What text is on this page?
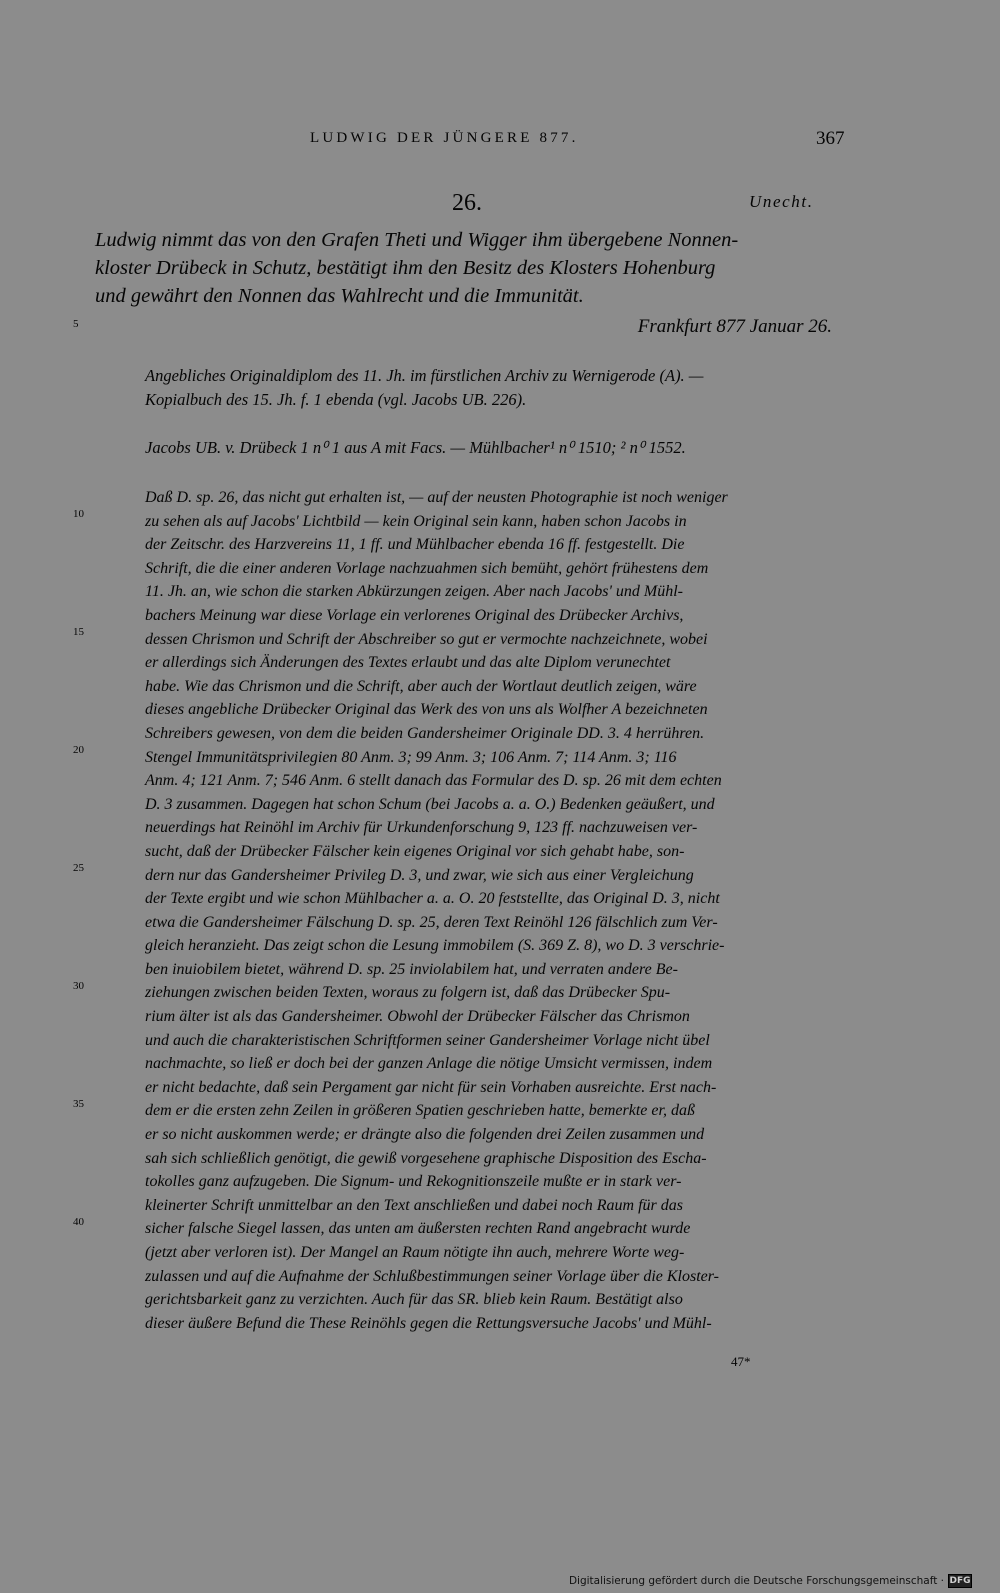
LUDWIG DER JÜNGERE 877.	367
26.	Unecht.
Ludwig nimmt das von den Grafen Theti und Wigger ihm übergebene Nonnen-
kloster Drübeck in Schutz, bestätigt ihm den Besitz des Klosters Hohenburg
und gewährt den Nonnen das Wahlrecht und die Immunität.
Frankfurt 877 Januar 26.
5
10
15
20
25
30
35
40
Angebliches Originaldiplom des 11. Jh. im fürstlichen Archiv zu Wernigerode (A). —
Kopialbuch des 15. Jh. f. 1 ebenda (vgl. Jacobs UB. 226).
Jacobs UB. v. Drübeck 1 n⁰ 1 aus A mit Facs. — Mühlbacher¹ n⁰ 1510; ² n⁰ 1552.
Daß D. sp. 26, das nicht gut erhalten ist, — auf der neusten Photographie ist noch weniger
zu sehen als auf Jacobs' Lichtbild — kein Original sein kann, haben schon Jacobs in
der Zeitschr. des Harzvereins 11, 1 ff. und Mühlbacher ebenda 16 ff. festgestellt. Die
Schrift, die die einer anderen Vorlage nachzuahmen sich bemüht, gehört frühestens dem
11. Jh. an, wie schon die starken Abkürzungen zeigen. Aber nach Jacobs' und Mühl-
bachers Meinung war diese Vorlage ein verlorenes Original des Drübecker Archivs,
dessen Chrismon und Schrift der Abschreiber so gut er vermochte nachzeichnete, wobei
er allerdings sich Änderungen des Textes erlaubt und das alte Diplom verunechtet
habe. Wie das Chrismon und die Schrift, aber auch der Wortlaut deutlich zeigen, wäre
dieses angebliche Drübecker Original das Werk des von uns als Wolfher A bezeichneten
Schreibers gewesen, von dem die beiden Gandersheimer Originale DD. 3. 4 herrühren.
Stengel Immunitätsprivilegien 80 Anm. 3; 99 Anm. 3; 106 Anm. 7; 114 Anm. 3; 116
Anm. 4; 121 Anm. 7; 546 Anm. 6 stellt danach das Formular des D. sp. 26 mit dem echten
D. 3 zusammen. Dagegen hat schon Schum (bei Jacobs a. a. O.) Bedenken geäußert, und
neuerdings hat Reinöhl im Archiv für Urkundenforschung 9, 123 ff. nachzuweisen ver-
sucht, daß der Drübecker Fälscher kein eigenes Original vor sich gehabt habe, son-
dern nur das Gandersheimer Privileg D. 3, und zwar, wie sich aus einer Vergleichung
der Texte ergibt und wie schon Mühlbacher a. a. O. 20 feststellte, das Original D. 3, nicht
etwa die Gandersheimer Fälschung D. sp. 25, deren Text Reinöhl 126 fälschlich zum Ver-
gleich heranzieht. Das zeigt schon die Lesung immobilem (S. 369 Z. 8), wo D. 3 verschrie-
ben inuiobilem bietet, während D. sp. 25 inviolabilem hat, und verraten andere Be-
ziehungen zwischen beiden Texten, woraus zu folgern ist, daß das Drübecker Spu-
rium älter ist als das Gandersheimer. Obwohl der Drübecker Fälscher das Chrismon
und auch die charakteristischen Schriftformen seiner Gandersheimer Vorlage nicht übel
nachmachte, so ließ er doch bei der ganzen Anlage die nötige Umsicht vermissen, indem
er nicht bedachte, daß sein Pergament gar nicht für sein Vorhaben ausreichte. Erst nach-
dem er die ersten zehn Zeilen in größeren Spatien geschrieben hatte, bemerkte er, daß
er so nicht auskommen werde; er drängte also die folgenden drei Zeilen zusammen und
sah sich schließlich genötigt, die gewiß vorgesehene graphische Disposition des Escha-
tokolles ganz aufzugeben. Die Signum- und Rekognitionszeile mußte er in stark ver-
kleinerter Schrift unmittelbar an den Text anschließen und dabei noch Raum für das
sicher falsche Siegel lassen, das unten am äußersten rechten Rand angebracht wurde
(jetzt aber verloren ist). Der Mangel an Raum nötigte ihn auch, mehrere Worte weg-
zulassen und auf die Aufnahme der Schlußbestimmungen seiner Vorlage über die Kloster-
gerichtsbarkeit ganz zu verzichten. Auch für das SR. blieb kein Raum. Bestätigt also
dieser äußere Befund die These Reinöhls gegen die Rettungsversuche Jacobs' und Mühl-
47*
Digitalisierung gefördert durch die Deutsche Forschungsgemeinschaft · DFG
